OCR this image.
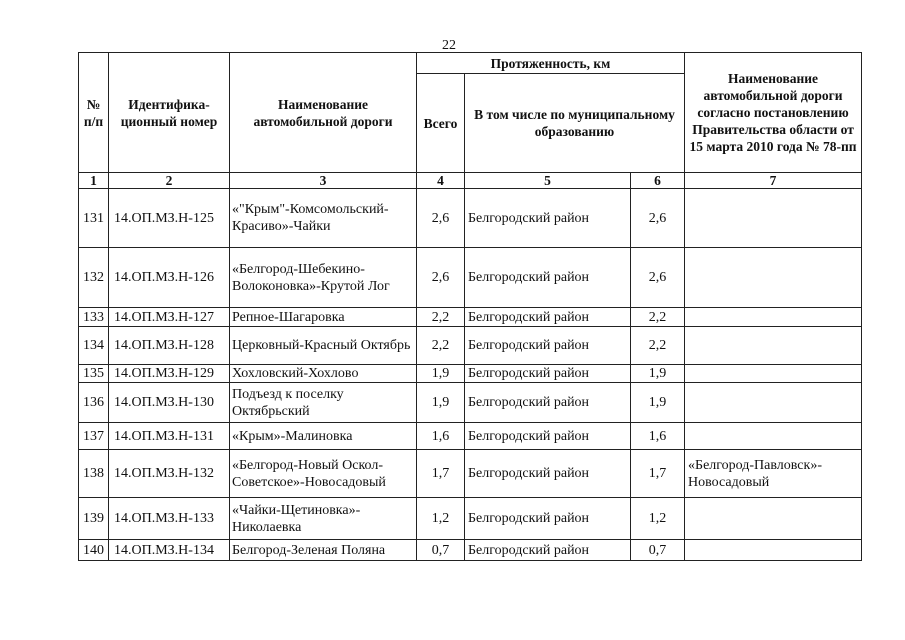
22
№ п/п	Идентифика-ционный номер	Наименование автомобильной дороги	Протяженность, км			Наименование автомобильной дороги согласно постановлению Правительства области от 15 марта 2010 года № 78-пп
			Всего	В том числе по муниципальному образованию		
1	2	3	4	5	6	7
131	14.ОП.МЗ.Н-125	«"Крым"-Комсомольский-Красиво»-Чайки	2,6	Белгородский район	2,6	
132	14.ОП.МЗ.Н-126	«Белгород-Шебекино-Волоконовка»-Крутой Лог	2,6	Белгородский район	2,6	
133	14.ОП.МЗ.Н-127	Репное-Шагаровка	2,2	Белгородский район	2,2	
134	14.ОП.МЗ.Н-128	Церковный-Красный Октябрь	2,2	Белгородский район	2,2	
135	14.ОП.МЗ.Н-129	Хохловский-Хохлово	1,9	Белгородский район	1,9	
136	14.ОП.МЗ.Н-130	Подъезд к поселку Октябрьский	1,9	Белгородский район	1,9	
137	14.ОП.МЗ.Н-131	«Крым»-Малиновка	1,6	Белгородский район	1,6	
138	14.ОП.МЗ.Н-132	«Белгород-Новый Оскол-Советское»-Новосадовый	1,7	Белгородский район	1,7	«Белгород-Павловск»-Новосадовый
139	14.ОП.МЗ.Н-133	«Чайки-Щетиновка»-Николаевка	1,2	Белгородский район	1,2	
140	14.ОП.МЗ.Н-134	Белгород-Зеленая Поляна	0,7	Белгородский район	0,7	
